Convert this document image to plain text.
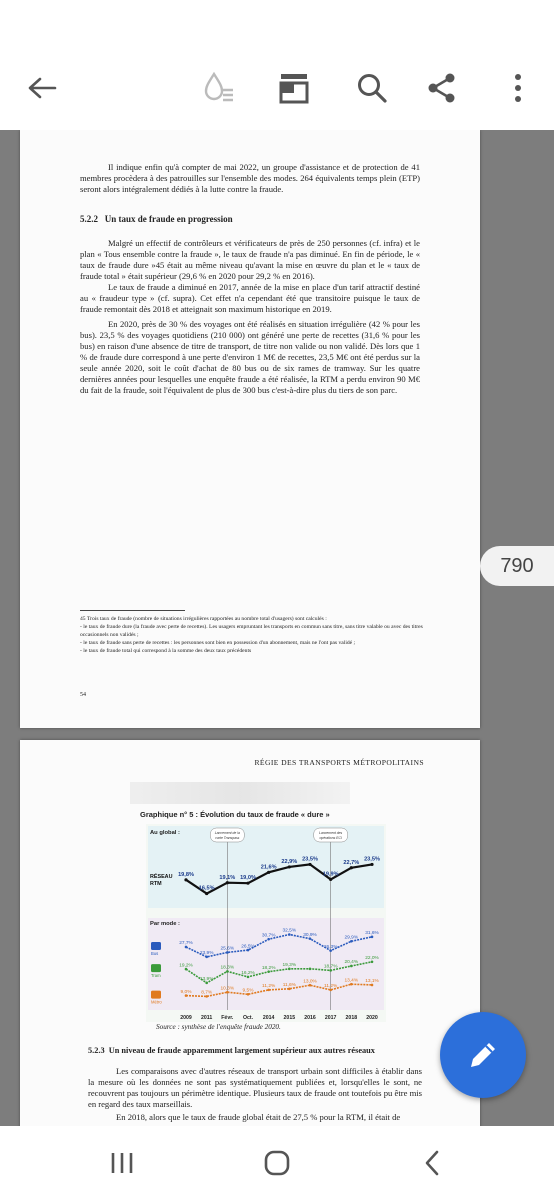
Il indique enfin qu'à compter de mai 2022, un groupe d'assistance et de protection de 41 membres procèdera à des patrouilles sur l'ensemble des modes. 264 équivalents temps plein (ETP) seront alors intégralement dédiés à la lutte contre la fraude.

5.2.2 Un taux de fraude en progression

Malgré un effectif de contrôleurs et vérificateurs de près de 250 personnes (cf. infra) et le plan « Tous ensemble contre la fraude », le taux de fraude n'a pas diminué. En fin de période, le « taux de fraude dure »45 était au même niveau qu'avant la mise en œuvre du plan et le « taux de fraude total » était supérieur (29,6 % en 2020 pour 29,2 % en 2016).

Le taux de fraude a diminué en 2017, année de la mise en place d'un tarif attractif destiné au « fraudeur type » (cf. supra). Cet effet n'a cependant été que transitoire puisque le taux de fraude remontait dès 2018 et atteignait son maximum historique en 2019.

En 2020, près de 30 % des voyages ont été réalisés en situation irrégulière (42 % pour les bus). 23,5 % des voyages quotidiens (210 000) ont généré une perte de recettes (31,6 % pour les bus) en raison d'une absence de titre de transport, de titre non valide ou non validé. Dès lors que 1 % de fraude dure correspond à une perte d'environ 1 M€ de recettes, 23,5 M€ ont été perdus sur la seule année 2020, soit le coût d'achat de 80 bus ou de six rames de tramway. Sur les quatre dernières années pour lesquelles une enquête fraude a été réalisée, la RTM a perdu environ 90 M€ du fait de la fraude, soit l'équivalent de plus de 300 bus c'est-à-dire plus du tiers de son parc.

45 Trois taux de fraude (nombre de situations irrégulières rapportées au nombre total d'usagers) sont calculés :

- le taux de fraude dure (la fraude avec perte de recettes). Les usagers empruntant les transports en commun sans titre, sans titre valable ou avec des titres occasionnels non validés ;

- le taux de fraude sans perte de recettes : les personnes sont bien en possession d'un abonnement, mais ne l'ont pas validé ;

- le taux de fraude total qui correspond à la somme des deux taux précédents

54
RÉGIE DES TRANSPORTS MÉTROPOLITAINS
Graphique n° 5 : Évolution du taux de fraude « dure »
Au global :
Par mode :
Lancement de la
carte Transpass
Lancement des
opérations ECI
19,8%
16,5%
19,1% 19,0%
21,6%
22,9% 23,5%
19,9%
22,7%
23,5%
RÉSEAU
RTM
27,7%
23,9%
25,6% 26,5%
30,7%
32,5%
30,9%
26,3%
29,9%
31,6%
Bus
19,2%
13,9%
18,3%
16,2%
18,2%
19,3%	18,7%
20,4%
22,0%
Tram
9,0% 8,7%
10,3% 9,5%
11,2% 11,6%
13,0%
11,2%
13,4% 13,1%
Métro
2009 2011 Févr. Oct. 2014 2015 2016 2017 2018 2020
Source : synthèse de l'enquête fraude 2020.
5.2.3 Un niveau de fraude apparemment largement supérieur aux autres réseaux

Les comparaisons avec d'autres réseaux de transport urbain sont difficiles à établir dans la mesure où les données ne sont pas systématiquement publiées et, lorsqu'elles le sont, ne recouvrent pas toujours un périmètre identique. Plusieurs taux de fraude ont toutefois pu être mis en regard des taux marseillais.

En 2018, alors que le taux de fraude global était de 27,5 % pour la RTM, il était de

790
